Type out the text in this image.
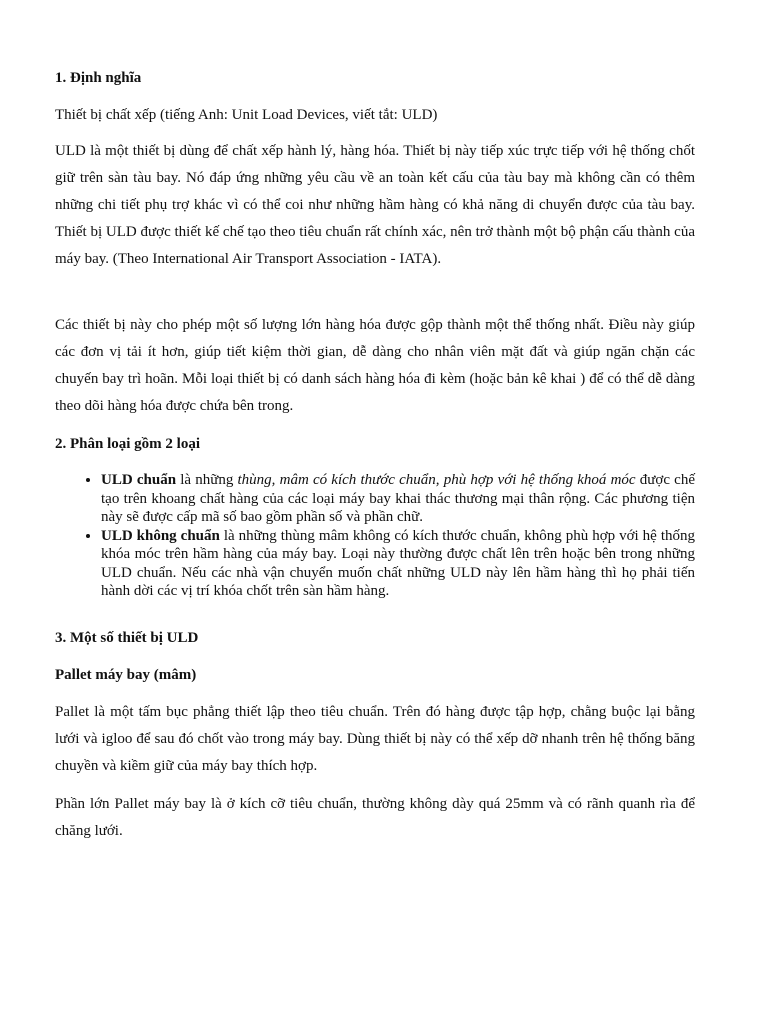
1. Định nghĩa

Thiết bị chất xếp (tiếng Anh: Unit Load Devices, viết tắt: ULD)

ULD là một thiết bị dùng để chất xếp hành lý, hàng hóa. Thiết bị này tiếp xúc trực tiếp với hệ thống chốt giữ trên sàn tàu bay. Nó đáp ứng những yêu cầu về an toàn kết cấu của tàu bay mà không cần có thêm những chi tiết phụ trợ khác vì có thể coi như những hầm hàng có khả năng di chuyển được của tàu bay. Thiết bị ULD được thiết kế chế tạo theo tiêu chuẩn rất chính xác, nên trở thành một bộ phận cấu thành của máy bay. (Theo International Air Transport Association - IATA).

Các thiết bị này cho phép một số lượng lớn hàng hóa được gộp thành một thể thống nhất. Điều này giúp các đơn vị tải ít hơn, giúp tiết kiệm thời gian, dễ dàng cho nhân viên mặt đất và giúp ngăn chặn các chuyến bay trì hoãn. Mỗi loại thiết bị có danh sách hàng hóa đi kèm (hoặc bản kê khai ) để có thể dễ dàng theo dõi hàng hóa được chứa bên trong.

2. Phân loại gồm 2 loại
• ULD chuẩn là những thùng, mâm có kích thước chuẩn, phù hợp với hệ thống khoá móc được chế tạo trên khoang chất hàng của các loại máy bay khai thác thương mại thân rộng. Các phương tiện này sẽ được cấp mã số bao gồm phần số và phần chữ.
• ULD không chuẩn là những thùng mâm không có kích thước chuẩn, không phù hợp với hệ thống khóa móc trên hầm hàng của máy bay. Loại này thường được chất lên trên hoặc bên trong những ULD chuẩn. Nếu các nhà vận chuyển muốn chất những ULD này lên hầm hàng thì họ phải tiến hành dời các vị trí khóa chốt trên sàn hầm hàng.
3. Một số thiết bị ULD
Pallet máy bay (mâm)

Pallet là một tấm bục phẳng thiết lập theo tiêu chuẩn. Trên đó hàng được tập hợp, chằng buộc lại bằng lưới và igloo để sau đó chốt vào trong máy bay. Dùng thiết bị này có thể xếp dỡ nhanh trên hệ thống băng chuyền và kiềm giữ của máy bay thích hợp.

Phần lớn Pallet máy bay là ở kích cỡ tiêu chuẩn, thường không dày quá 25mm và có rãnh quanh rìa để chăng lưới.
